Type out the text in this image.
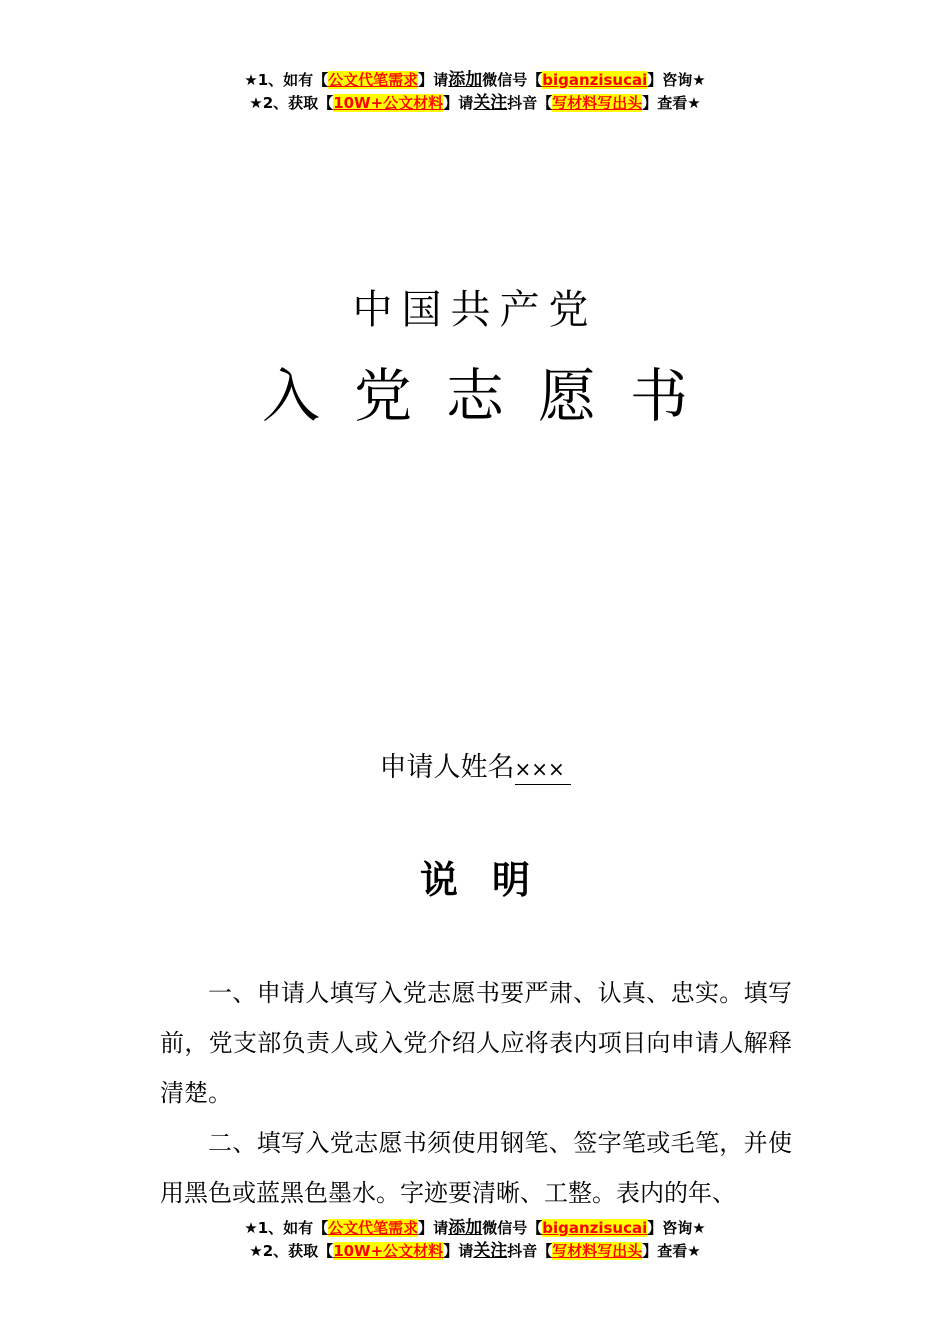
★1、如有【公文代笔需求】请添加微信号【biganzisucai】咨询★
★2、获取【10W+公文材料】请关注抖音【写材料写出头】查看★
中国共产党
入党志愿书
申请人姓名×××
说明

一、申请人填写入党志愿书要严肃、认真、忠实。填写前，党支部负责人或入党介绍人应将表内项目向申请人解释清楚。

二、填写入党志愿书须使用钢笔、签字笔或毛笔，并使用黑色或蓝黑色墨水。字迹要清晰、工整。表内的年、

★1、如有【公文代笔需求】请添加微信号【biganzisucai】咨询★
★2、获取【10W+公文材料】请关注抖音【写材料写出头】查看★
